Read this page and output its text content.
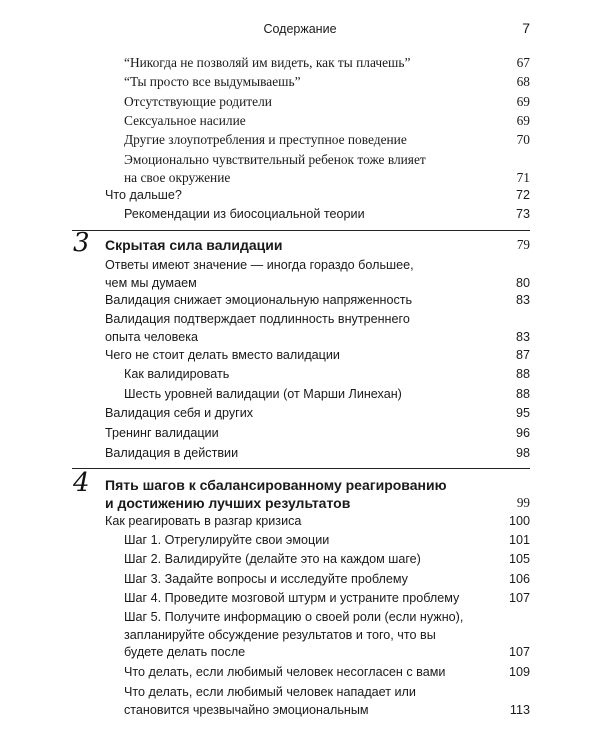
Содержание	7
“Никогда не позволяй им видеть, как ты плачешь”	67
“Ты просто все выдумываешь”	68
Отсутствующие родители	69
Сексуальное насилие	69
Другие злоупотребления и преступное поведение	70
Эмоционально чувствительный ребенок тоже влияет
на свое окружение	71
Что дальше?	72
Рекомендации из биосоциальной теории	73
3 Скрытая сила валидации	79
Ответы имеют значение — иногда гораздо большее,
чем мы думаем	80
Валидация снижает эмоциональную напряженность	83
Валидация подтверждает подлинность внутреннего
опыта человека	83
Чего не стоит делать вместо валидации	87
Как валидировать	88
Шесть уровней валидации (от Марши Линехан)	88
Валидация себя и других	95
Тренинг валидации	96
Валидация в действии	98
4 Пять шагов к сбалансированному реагированию
и достижению лучших результатов	99
Как реагировать в разгар кризиса	100
Шаг 1. Отрегулируйте свои эмоции	101
Шаг 2. Валидируйте (делайте это на каждом шаге)	105
Шаг 3. Задайте вопросы и исследуйте проблему	106
Шаг 4. Проведите мозговой штурм и устраните проблему	107
Шаг 5. Получите информацию о своей роли (если нужно),
запланируйте обсуждение результатов и того, что вы
будете делать после	107
Что делать, если любимый человек несогласен с вами	109
Что делать, если любимый человек нападает или
становится чрезвычайно эмоциональным	113
